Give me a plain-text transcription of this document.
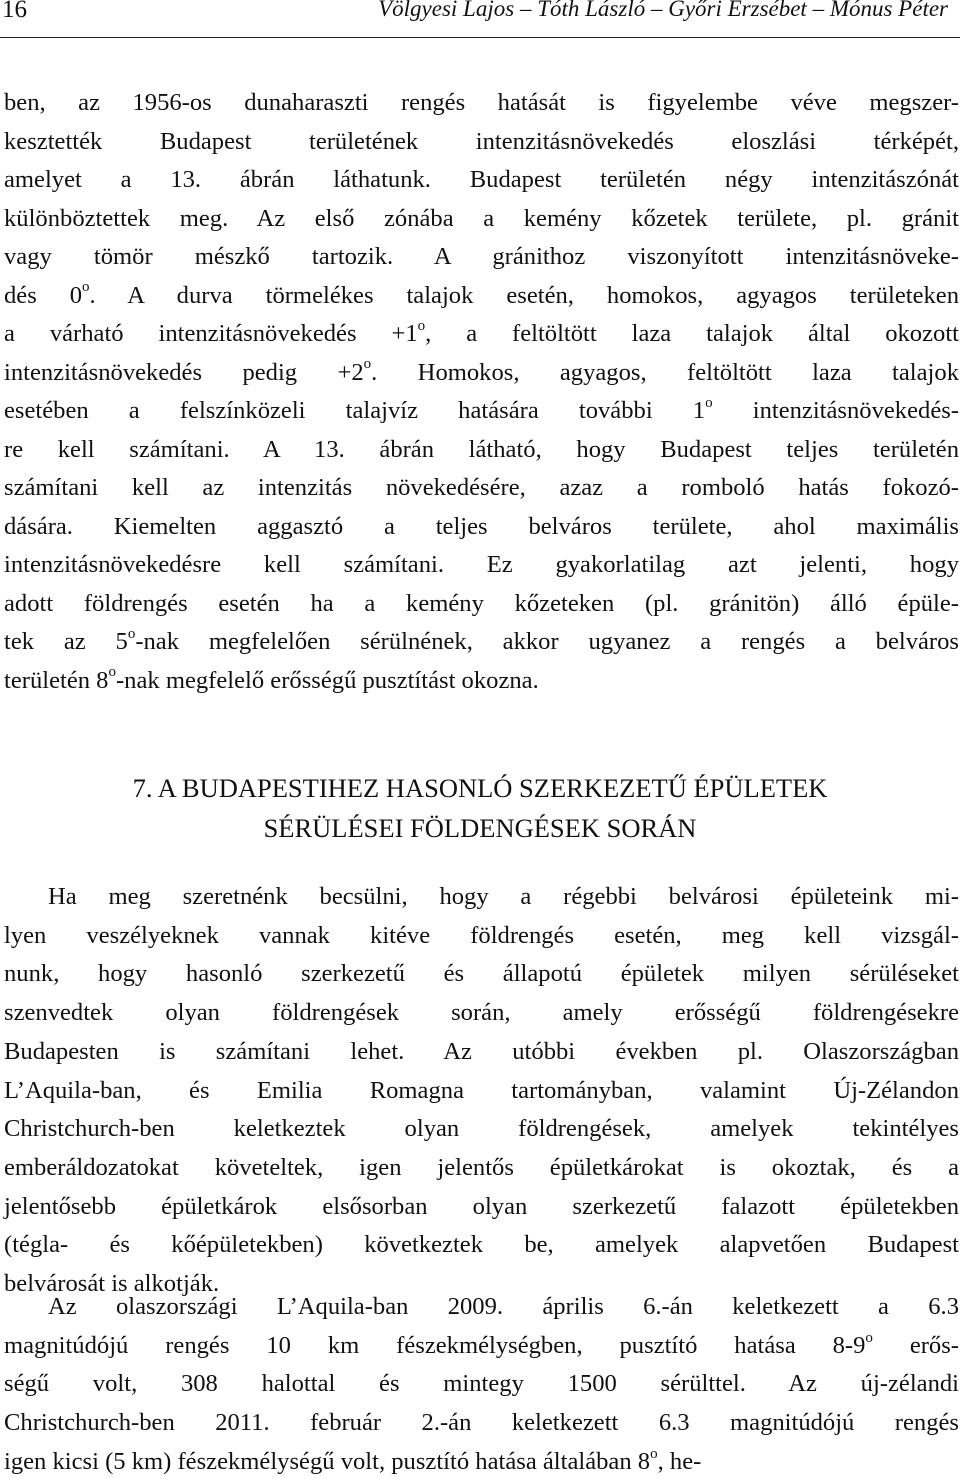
16	Völgyesi Lajos – Tóth László – Győri Erzsébet – Mónus Péter
ben, az 1956-os dunaharaszti rengés hatását is figyelembe véve megszer-
kesztették Budapest területének intenzitásnövekedés eloszlási térképét,
amelyet a 13. ábrán láthatunk. Budapest területén négy intenzitászónát
különböztettek meg. Az első zónába a kemény kőzetek területe, pl. gránit
vagy tömör mészkő tartozik. A gránithoz viszonyított intenzitásnöveke-
dés 0$^o$. A durva törmelékes talajok esetén, homokos, agyagos területeken
a várható intenzitásnövekedés $+1^o$, a feltöltött laza talajok által okozott
intenzitásnövekedés pedig $+2^o$. Homokos, agyagos, feltöltött laza talajok
esetében a felszínközeli talajvíz hatására további 1$^o$ intenzitásnövekedés-
re kell számítani. A 13. ábrán látható, hogy Budapest teljes területén
számítani kell az intenzitás növekedésére, azaz a romboló hatás fokozó-
dására. Kiemelten aggasztó a teljes belváros területe, ahol maximális
intenzitásnövekedésre kell számítani. Ez gyakorlatilag azt jelenti, hogy
adott földrengés esetén ha a kemény kőzeteken (pl. gránitön) álló épüle-
tek az 5$^o$-nak megfelelően sérülnének, akkor ugyanez a rengés a belváros
területén 8$^o$-nak megfelelő erősségű pusztítást okozna.
7. A BUDAPESTIHEZ HASONLÓ SZERKEZETŰ ÉPÜLETEK
SÉRÜLÉSEI FÖLDENGÉSEK SORÁN
Ha meg szeretnénk becsülni, hogy a régebbi belvárosi épületeink mi-
lyen veszélyeknek vannak kitéve földrengés esetén, meg kell vizsgál-
nunk, hogy hasonló szerkezetű és állapotú épületek milyen sérüléseket
szenvedtek olyan földrengések során, amely erősségű földrengésekre
Budapesten is számítani lehet. Az utóbbi években pl. Olaszországban
L’Aquila-ban, és Emilia Romagna tartományban, valamint Új-Zélandon
Christchurch-ben keletkeztek olyan földrengések, amelyek tekintélyes
emberáldozatokat követeltek, igen jelentős épületkárokat is okoztak, és a
jelentősebb épületkárok elsősorban olyan szerkezetű falazott épületekben
(tégla- és kőépületekben) következtek be, amelyek alapvetően Budapest
belvárosát is alkotják.
Az olaszországi L’Aquila-ban 2009. április 6.-án keletkezett a 6.3
magnitúdójú rengés 10 km fészekmélységben, pusztító hatása 8-9$^o$ erős-
ségű volt, 308 halottal és mintegy 1500 sérülttel. Az új-zélandi
Christchurch-ben 2011. február 2.-án keletkezett 6.3 magnitúdójú rengés
igen kicsi (5 km) fészekmélységű volt, pusztító hatása általában 8$^o$, he-
